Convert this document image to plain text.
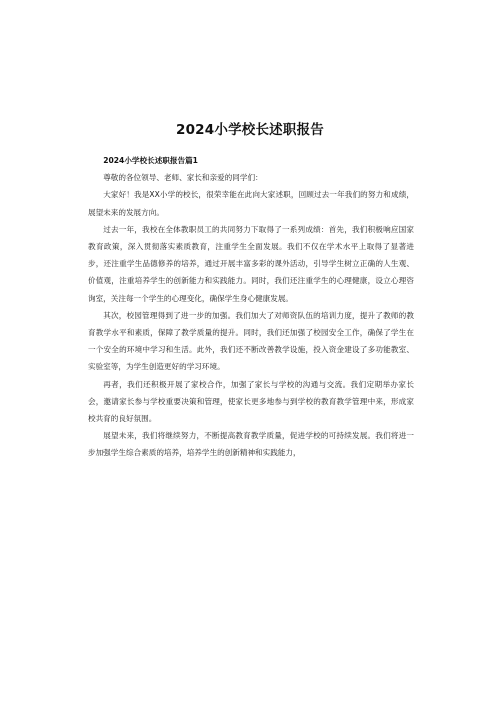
2024小学校长述职报告

2024小学校长述职报告篇1

尊敬的各位领导、老师、家长和亲爱的同学们：

大家好！我是XX小学的校长，很荣幸能在此向大家述职，回顾过去一年我们的努力和成绩，展望未来的发展方向。

过去一年，我校在全体教职员工的共同努力下取得了一系列成绩：首先，我们积极响应国家教育政策，深入贯彻落实素质教育，注重学生全面发展。我们不仅在学术水平上取得了显著进步，还注重学生品德修养的培养，通过开展丰富多彩的课外活动，引导学生树立正确的人生观、价值观，注重培养学生的创新能力和实践能力。同时，我们还注重学生的心理健康，设立心理咨询室，关注每一个学生的心理变化，确保学生身心健康发展。

其次，校园管理得到了进一步的加强。我们加大了对师资队伍的培训力度，提升了教师的教育教学水平和素质，保障了教学质量的提升。同时，我们还加强了校园安全工作，确保了学生在一个安全的环境中学习和生活。此外，我们还不断改善教学设施，投入资金建设了多功能教室、实验室等，为学生创造更好的学习环境。

再者，我们还积极开展了家校合作，加强了家长与学校的沟通与交流。我们定期举办家长会，邀请家长参与学校重要决策和管理，使家长更多地参与到学校的教育教学管理中来，形成家校共育的良好氛围。

展望未来，我们将继续努力，不断提高教育教学质量，促进学校的可持续发展。我们将进一步加强学生综合素质的培养，培养学生的创新精神和实践能力，
